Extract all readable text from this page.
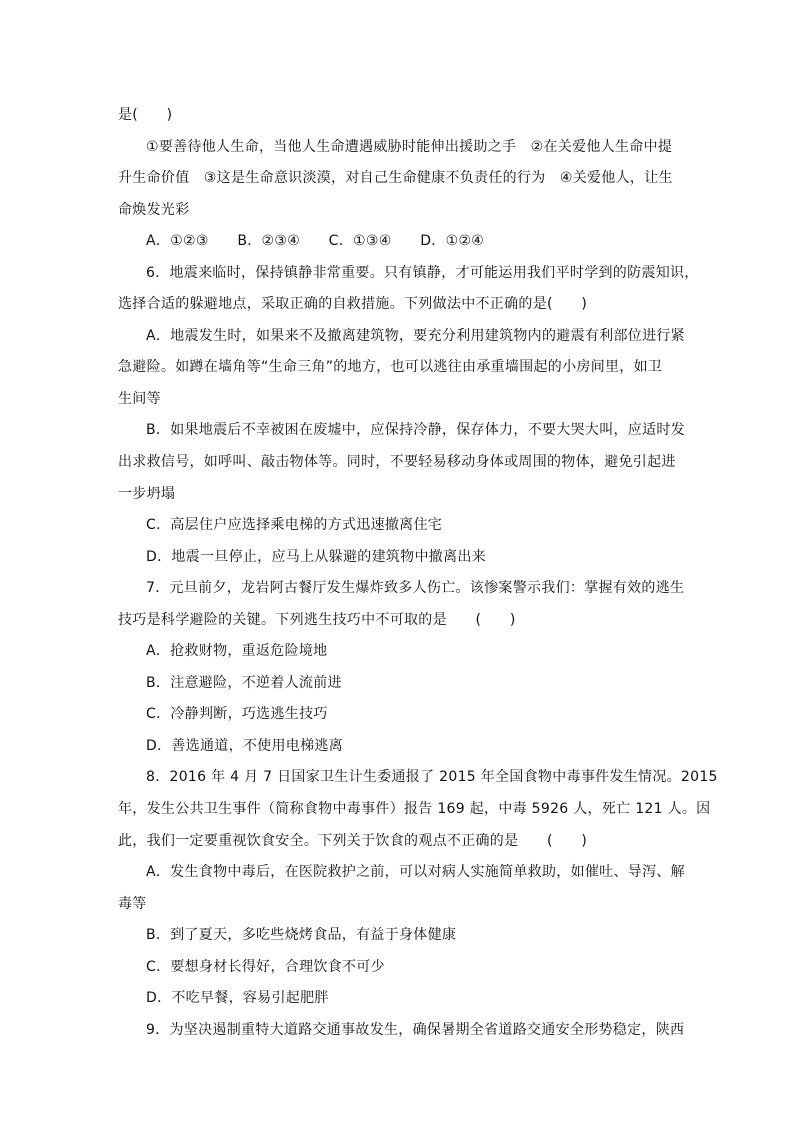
是(　　)
①要善待他人生命，当他人生命遭遇威胁时能伸出援助之手　②在关爱他人生命中提
升生命价值　③这是生命意识淡漠，对自己生命健康不负责任的行为　④关爱他人，让生
命焕发光彩
A．①②③　　B．②③④　　C．①③④　　D．①②④
6．地震来临时，保持镇静非常重要。只有镇静，才可能运用我们平时学到的防震知识，
选择合适的躲避地点，采取正确的自救措施。下列做法中不正确的是(　　)
A．地震发生时，如果来不及撤离建筑物，要充分利用建筑物内的避震有利部位进行紧
急避险。如蹲在墙角等“生命三角”的地方，也可以逃往由承重墙围起的小房间里，如卫
生间等
B．如果地震后不幸被困在废墟中，应保持冷静，保存体力，不要大哭大叫，应适时发
出求救信号，如呼叫、敲击物体等。同时，不要轻易移动身体或周围的物体，避免引起进
一步坍塌
C．高层住户应选择乘电梯的方式迅速撤离住宅
D．地震一旦停止，应马上从躲避的建筑物中撤离出来
7．元旦前夕，龙岩阿古餐厅发生爆炸致多人伤亡。该惨案警示我们：掌握有效的逃生
技巧是科学避险的关键。下列逃生技巧中不可取的是　　(　　)
A．抢救财物，重返危险境地
B．注意避险，不逆着人流前进
C．冷静判断，巧选逃生技巧
D．善选通道，不使用电梯逃离
8．2016 年 4 月 7 日国家卫生计生委通报了 2015 年全国食物中毒事件发生情况。2015
年，发生公共卫生事件（简称食物中毒事件）报告 169 起，中毒 5926 人，死亡 121 人。因
此，我们一定要重视饮食安全。下列关于饮食的观点不正确的是　　(　　)
A．发生食物中毒后，在医院救护之前，可以对病人实施简单救助，如催吐、导泻、解
毒等
B．到了夏天，多吃些烧烤食品，有益于身体健康
C．要想身材长得好，合理饮食不可少
D．不吃早餐，容易引起肥胖
9．为坚决遏制重特大道路交通事故发生，确保暑期全省道路交通安全形势稳定，陕西
